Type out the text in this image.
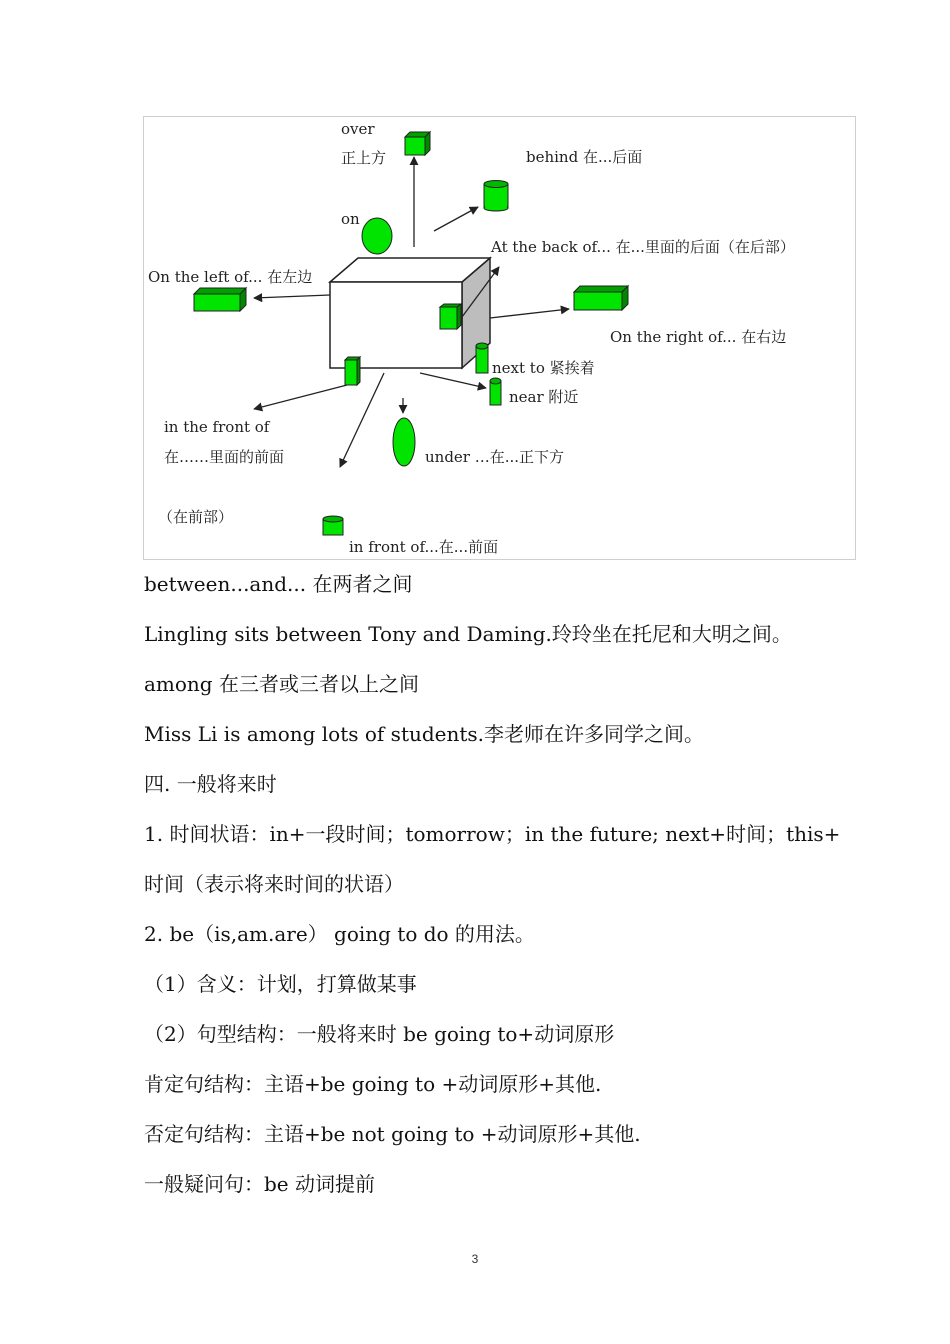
over
正上方	behind 在...后面
on
At the back of... 在...里面的后面（在后部）
On the left of... 在左边
On the right of... 在右边
next to 紧挨着
near 附近
in the front of
在……里面的前面	under …在...正下方
（在前部）
in front of...在...前面
between...and... 在两者之间
Lingling sits between Tony and Daming.玲玲坐在托尼和大明之间。
among 在三者或三者以上之间
Miss Li is among lots of students.李老师在许多同学之间。
四. 一般将来时
1. 时间状语：in+一段时间；tomorrow；in the future; next+时间；this+
时间（表示将来时间的状语）
2. be（is,am.are） going to do 的用法。
（1）含义：计划，打算做某事
（2）句型结构：一般将来时 be going to+动词原形
肯定句结构：主语+be going to +动词原形+其他.
否定句结构：主语+be not going to +动词原形+其他.
一般疑问句：be 动词提前
3
